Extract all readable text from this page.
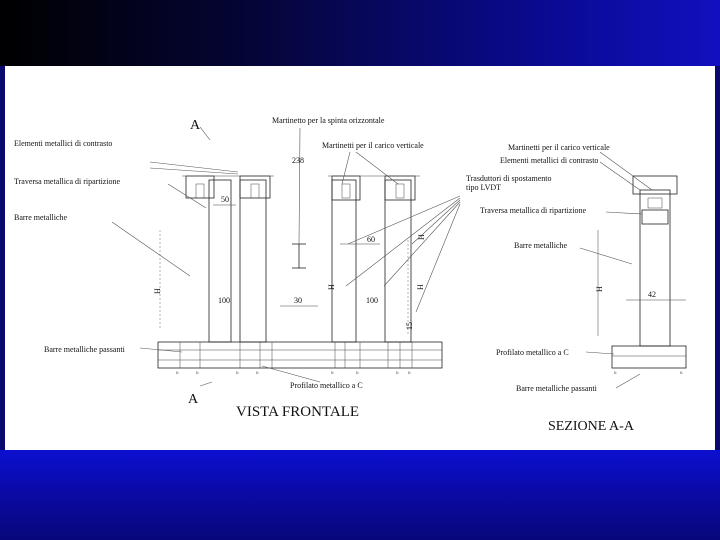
u	u	u	u	u	u	u u
Elementi metallici di contrasto
Traversa metallica di ripartizione
Barre metalliche
Barre metalliche passanti
Martinetto per la spinta orizzontale
Martinetti per il carico verticale
Trasduttori di spostamento
tipo LVDT
Profilato metallico a C
A
A
238
50
60
100	100
30
15
H
H	H
H
VISTA FRONTALE
u	u
Martinetti per il carico verticale
Elementi metallici di contrasto
Traversa metallica di ripartizione
Barre metalliche
Profilato metallico a C
Barre metalliche passanti
42
H
SEZIONE A-A
